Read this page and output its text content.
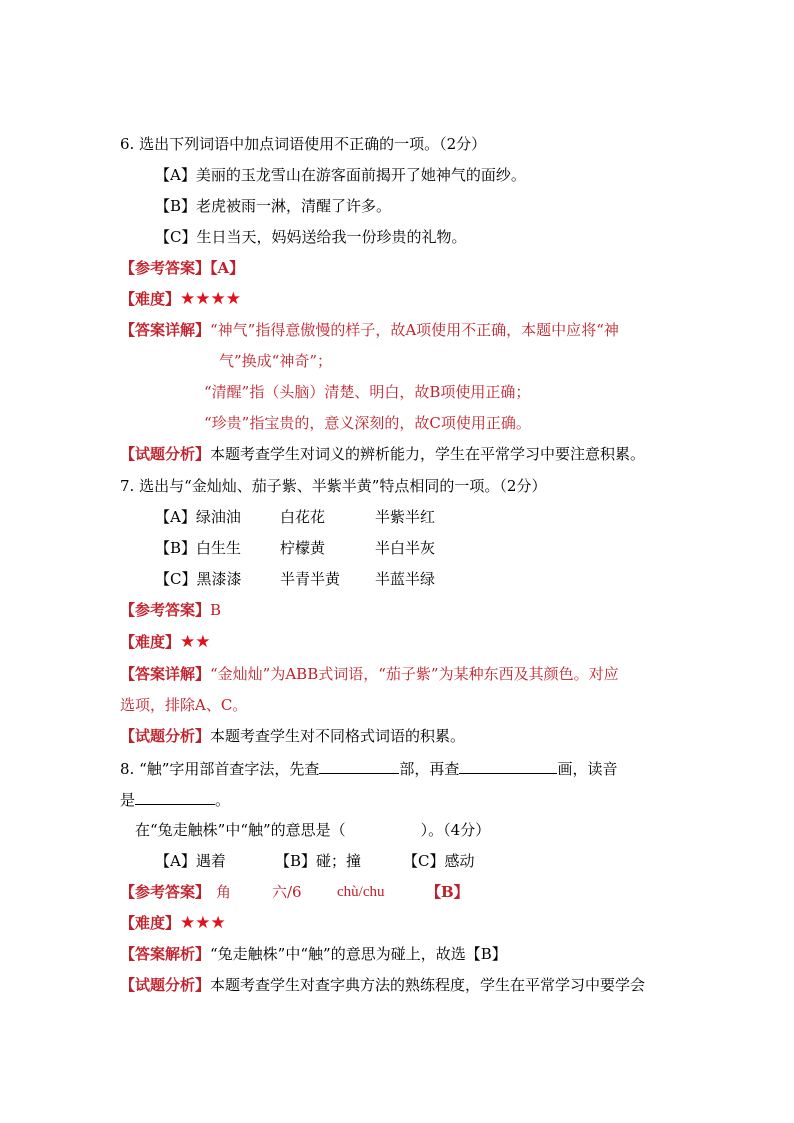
6. 选出下列词语中加点词语使用不正确的一项。（2分）
【A】美丽的玉龙雪山在游客面前揭开了她神气的面纱。
【B】老虎被雨一淋，清醒了许多。
【C】生日当天，妈妈送给我一份珍贵的礼物。
【参考答案】【A】
【难度】★★★★
【答案详解】“神气”指得意傲慢的样子，故A项使用不正确，本题中应将“神
气”换成“神奇”；
“清醒”指（头脑）清楚、明白，故B项使用正确；
“珍贵”指宝贵的，意义深刻的，故C项使用正确。
【试题分析】本题考查学生对词义的辨析能力，学生在平常学习中要注意积累。
7. 选出与“金灿灿、茄子紫、半紫半黄”特点相同的一项。（2分）
【A】绿油油	白花花	半紫半红
【B】白生生	柠檬黄	半白半灰
【C】黑漆漆	半青半黄 半蓝半绿
【参考答案】B
【难度】★★
【答案详解】“金灿灿”为ABB式词语，“茄子紫”为某种东西及其颜色。对应
选项，排除A、C。
【试题分析】本题考查学生对不同格式词语的积累。
8. “触”字用部首查字法，先查	部，再查	画，读音
是	。
在“兔走触株”中“触”的意思是（　　　　　）。（4分）
【A】遇着	【B】碰；撞	【C】感动
【参考答案】 角	六/6 chù/chu	【B】
【难度】★★★
【答案解析】“兔走触株”中“触”的意思为碰上，故选【B】
【试题分析】本题考查学生对查字典方法的熟练程度，学生在平常学习中要学会
